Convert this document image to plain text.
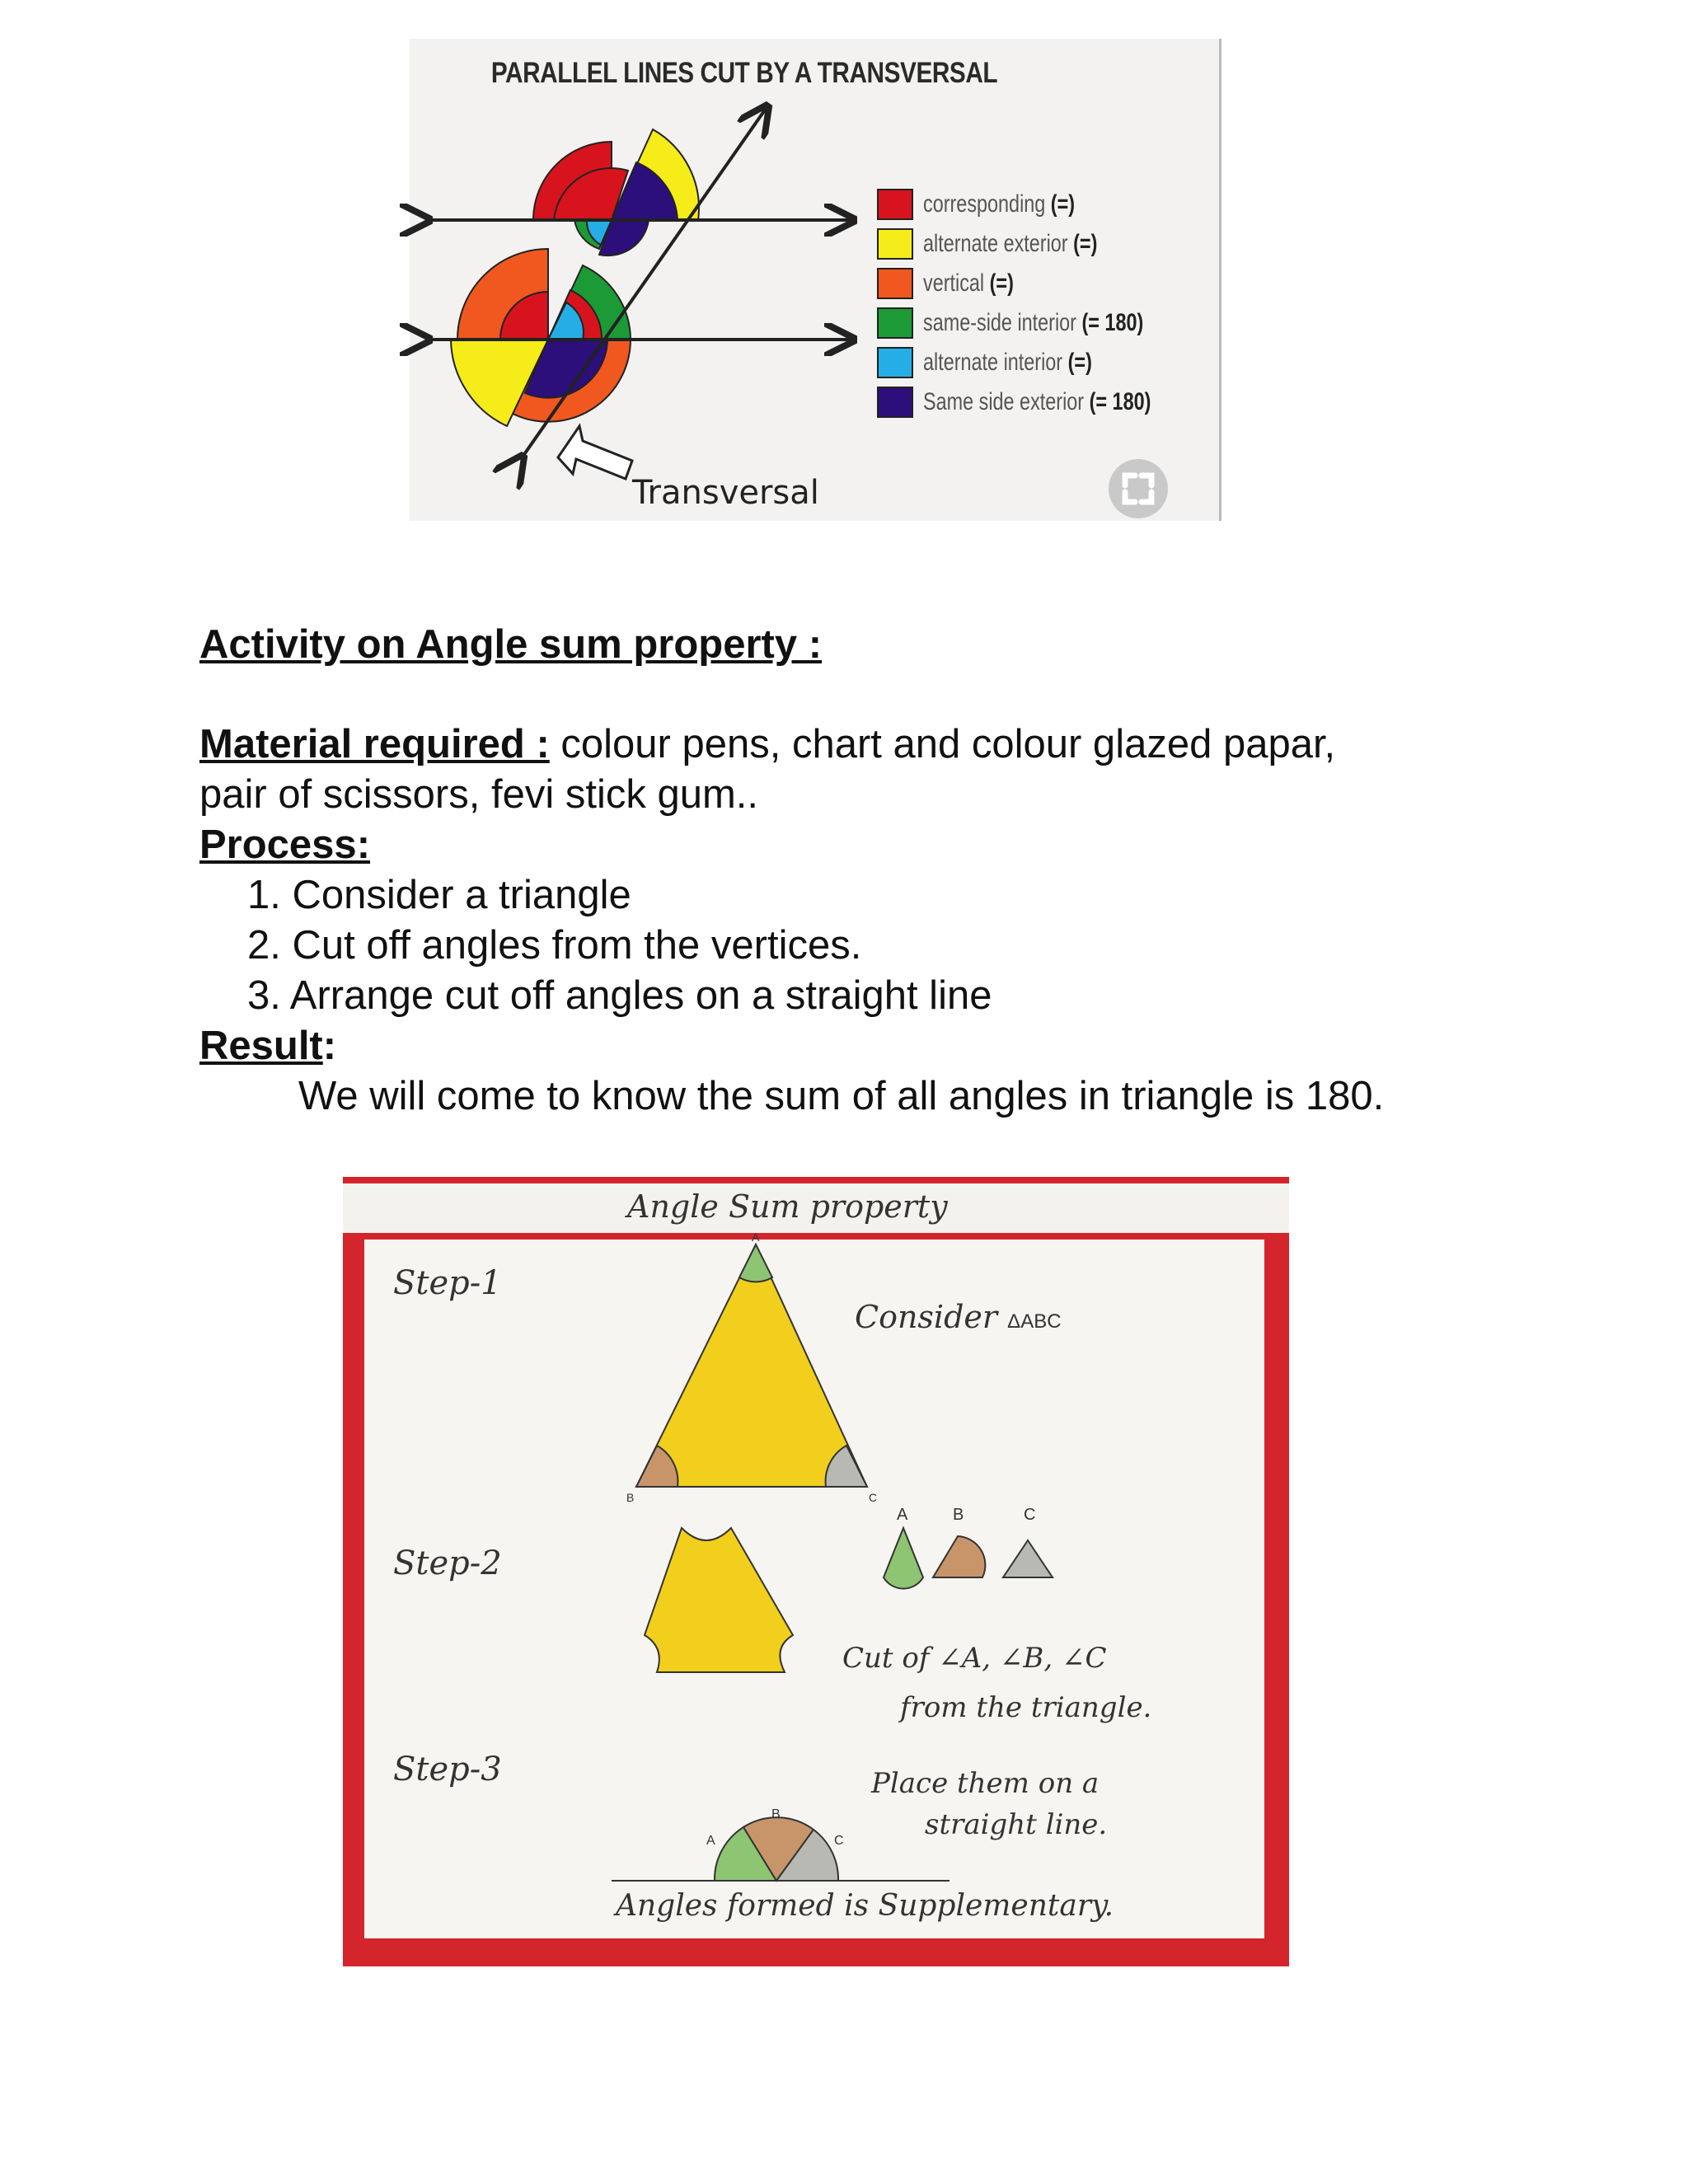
PARALLEL LINES CUT BY A TRANSVERSAL
corresponding (=)
alternate exterior (=)
vertical (=)
same-side interior (= 180)
alternate interior (=)
Same side exterior (= 180)
Transversal
Activity on Angle sum property :
Material required : colour pens, chart and colour glazed papar,
pair of scissors, fevi stick gum..
Process:
1. Consider a triangle
2. Cut off angles from the vertices.
3. Arrange cut off angles on a straight line
Result:
We will come to know the sum of all angles in triangle is 180.
Angle Sum property
Step-1
Step-2
Step-3
A
B	C
A	B	C
A
B
C
Consider ΔABC
Cut of ∠A, ∠B, ∠C
from the triangle.
Place them on a
straight line.
Angles formed is Supplementary.
